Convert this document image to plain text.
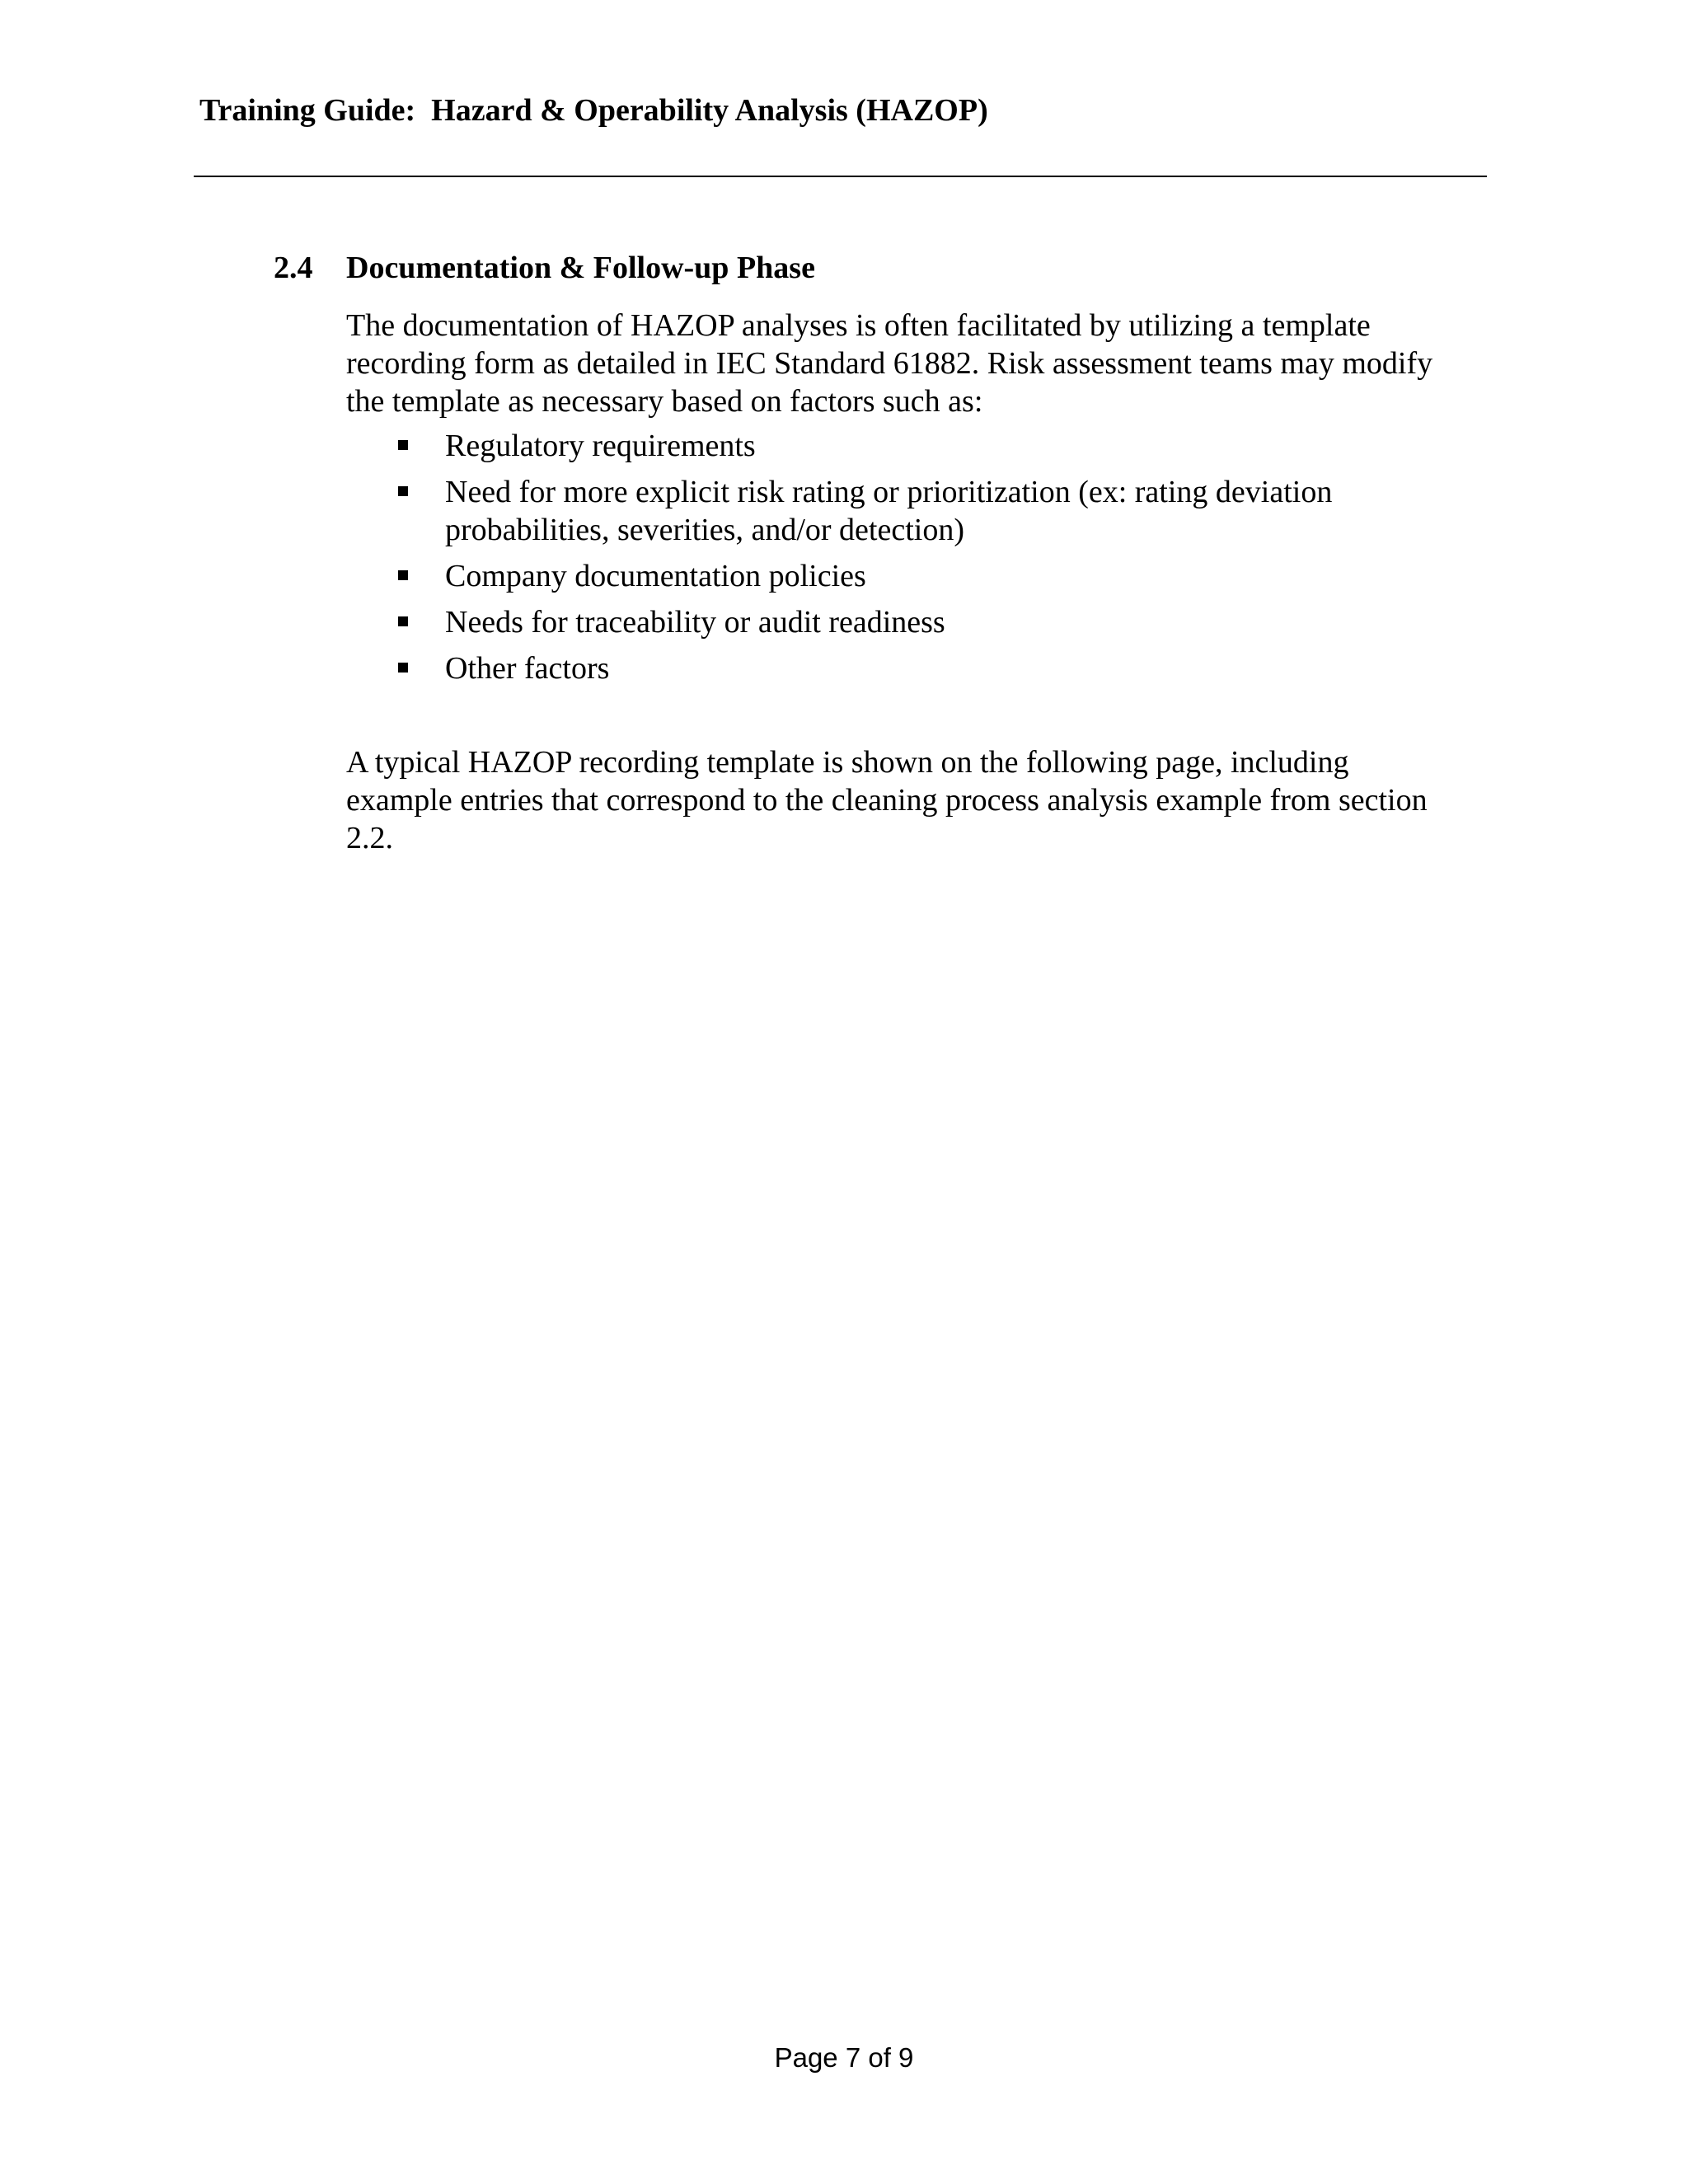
Training Guide:  Hazard & Operability Analysis (HAZOP)
2.4 Documentation & Follow-up Phase
The documentation of HAZOP analyses is often facilitated by utilizing a template recording form as detailed in IEC Standard 61882. Risk assessment teams may modify the template as necessary based on factors such as:
Regulatory requirements
Need for more explicit risk rating or prioritization (ex: rating deviation probabilities, severities, and/or detection)
Company documentation policies
Needs for traceability or audit readiness
Other factors
A typical HAZOP recording template is shown on the following page, including example entries that correspond to the cleaning process analysis example from section 2.2.
Page 7 of 9
